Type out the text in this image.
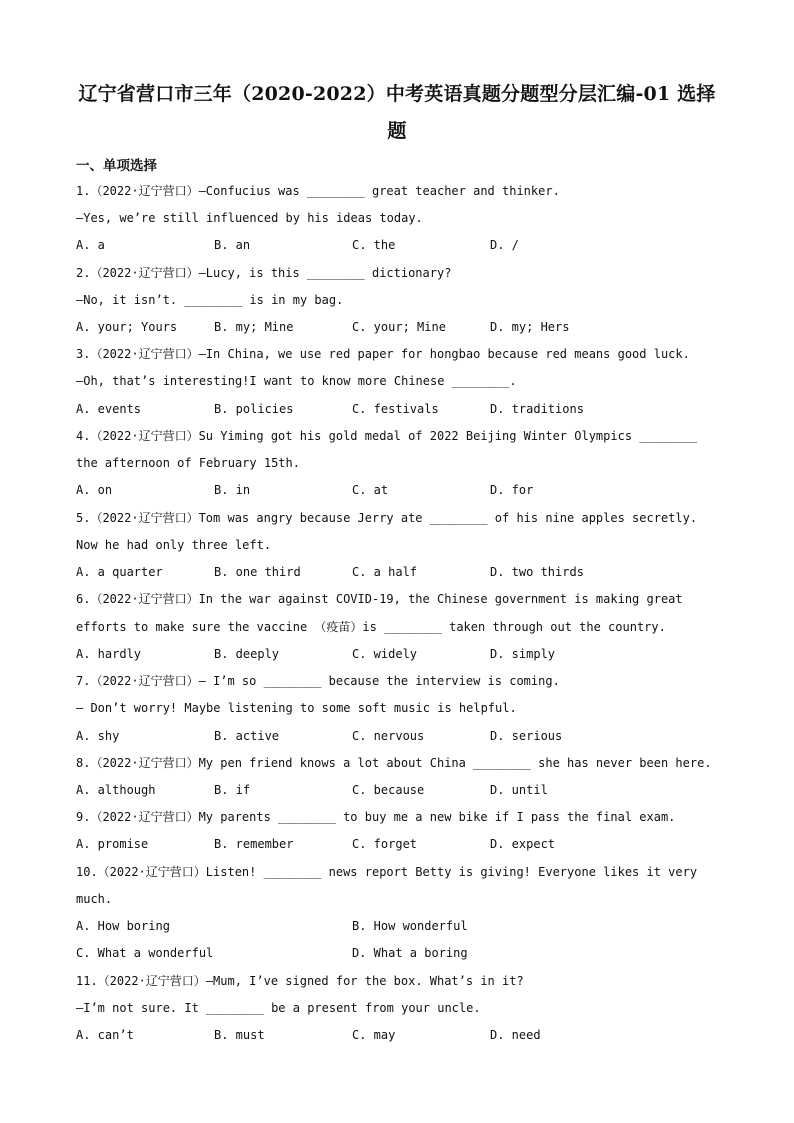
辽宁省营口市三年（2020-2022）中考英语真题分题型分层汇编-01 选择
题
一、单项选择
1.（2022·辽宁营口）—Confucius was ________ great teacher and thinker.
—Yes, we’re still influenced by his ideas today.
A. a	B. an	C. the	D. /
2.（2022·辽宁营口）—Lucy, is this ________ dictionary?
—No, it isn’t. ________ is in my bag.
A. your; Yours	B. my; Mine	C. your; Mine	D. my; Hers
3.（2022·辽宁营口）—In China, we use red paper for hongbao because red means good luck.
—Oh, that’s interesting!I want to know more Chinese ________.
A. events	B. policies	C. festivals	D. traditions
4.（2022·辽宁营口）Su Yiming got his gold medal of 2022 Beijing Winter Olympics ________
the afternoon of February 15th.
A. on	B. in	C. at	D. for
5.（2022·辽宁营口）Tom was angry because Jerry ate ________ of his nine apples secretly.
Now he had only three left.
A. a quarter	B. one third	C. a half	D. two thirds
6.（2022·辽宁营口）In the war against COVID-19, the Chinese government is making great
efforts to make sure the vaccine （疫苗）is ________ taken through out the country.
A. hardly	B. deeply	C. widely	D. simply
7.（2022·辽宁营口）— I’m so ________ because the interview is coming.
— Don’t worry! Maybe listening to some soft music is helpful.
A. shy	B. active	C. nervous	D. serious
8.（2022·辽宁营口）My pen friend knows a lot about China ________ she has never been here.
A. although	B. if	C. because	D. until
9.（2022·辽宁营口）My parents ________ to buy me a new bike if I pass the final exam.
A. promise	B. remember	C. forget	D. expect
10.（2022·辽宁营口）Listen! ________ news report Betty is giving! Everyone likes it very
much.
A. How boring	B. How wonderful
C. What a wonderful	D. What a boring
11.（2022·辽宁营口）—Mum, I’ve signed for the box. What’s in it?
—I’m not sure. It ________ be a present from your uncle.
A. can’t	B. must	C. may	D. need
